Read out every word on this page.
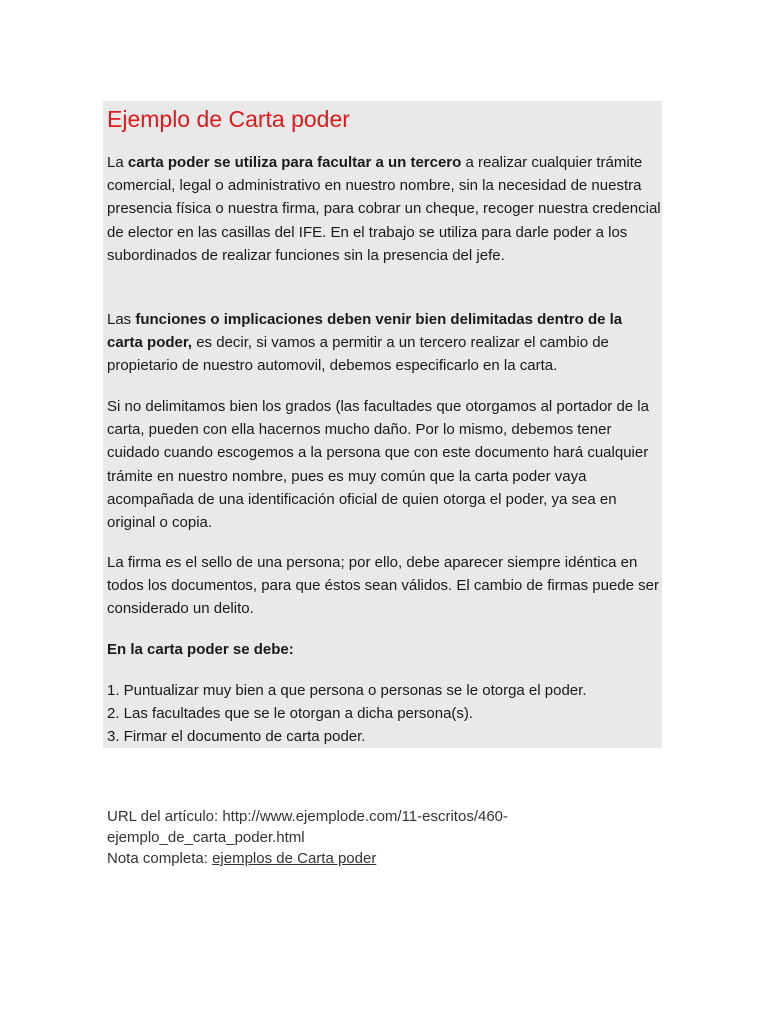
Ejemplo de Carta poder

La carta poder se utiliza para facultar a un tercero a realizar cualquier trámite comercial, legal o administrativo en nuestro nombre, sin la necesidad de nuestra presencia física o nuestra firma, para cobrar un cheque, recoger nuestra credencial de elector en las casillas del IFE. En el trabajo se utiliza para darle poder a los subordinados de realizar funciones sin la presencia del jefe.

Las funciones o implicaciones deben venir bien delimitadas dentro de la carta poder, es decir, si vamos a permitir a un tercero realizar el cambio de propietario de nuestro automovil, debemos especificarlo en la carta.

Si no delimitamos bien los grados (las facultades que otorgamos al portador de la carta, pueden con ella hacernos mucho daño. Por lo mismo, debemos tener cuidado cuando escogemos a la persona que con este documento hará cualquier trámite en nuestro nombre, pues es muy común que la carta poder vaya acompañada de una identificación oficial de quien otorga el poder, ya sea en original o copia.

La firma es el sello de una persona; por ello, debe aparecer siempre idéntica en todos los documentos, para que éstos sean válidos. El cambio de firmas puede ser considerado un delito.

En la carta poder se debe:

1. Puntualizar muy bien a que persona o personas se le otorga el poder.
2. Las facultades que se le otorgan a dicha persona(s).
3. Firmar el documento de carta poder.
URL del artículo: http://www.ejemplode.com/11-escritos/460-
ejemplo_de_carta_poder.html
Nota completa: ejemplos de Carta poder
